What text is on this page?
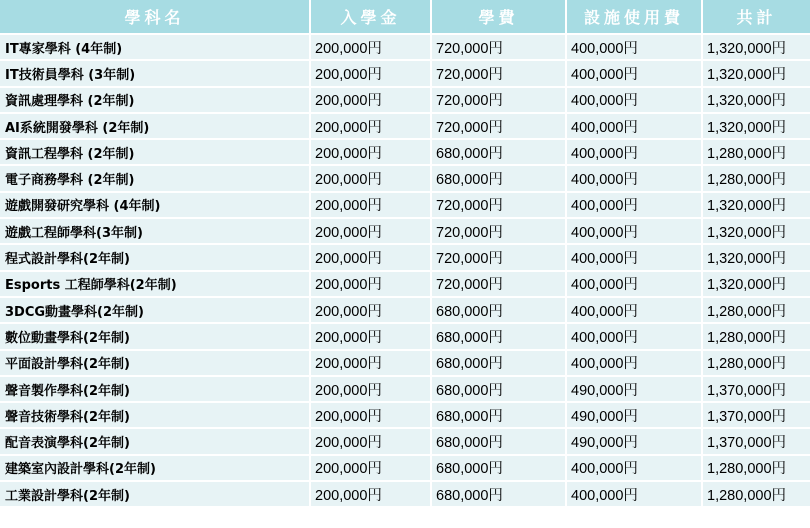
學科名	入學金	學費	設施使用費	共計
IT專家學科 (4年制)	200,000円	720,000円	400,000円	1,320,000円
IT技術員學科 (3年制)	200,000円	720,000円	400,000円	1,320,000円
資訊處理學科 (2年制)	200,000円	720,000円	400,000円	1,320,000円
AI系統開發學科 (2年制)	200,000円	720,000円	400,000円	1,320,000円
資訊工程學科 (2年制)	200,000円	680,000円	400,000円	1,280,000円
電子商務學科 (2年制)	200,000円	680,000円	400,000円	1,280,000円
遊戲開發研究學科 (4年制)	200,000円	720,000円	400,000円	1,320,000円
遊戲工程師學科(3年制)	200,000円	720,000円	400,000円	1,320,000円
程式設計學科(2年制)	200,000円	720,000円	400,000円	1,320,000円
Esports 工程師學科(2年制)	200,000円	720,000円	400,000円	1,320,000円
3DCG動畫學科(2年制)	200,000円	680,000円	400,000円	1,280,000円
數位動畫學科(2年制)	200,000円	680,000円	400,000円	1,280,000円
平面設計學科(2年制)	200,000円	680,000円	400,000円	1,280,000円
聲音製作學科(2年制)	200,000円	680,000円	490,000円	1,370,000円
聲音技術學科(2年制)	200,000円	680,000円	490,000円	1,370,000円
配音表演學科(2年制)	200,000円	680,000円	490,000円	1,370,000円
建築室內設計學科(2年制)	200,000円	680,000円	400,000円	1,280,000円
工業設計學科(2年制)	200,000円	680,000円	400,000円	1,280,000円
